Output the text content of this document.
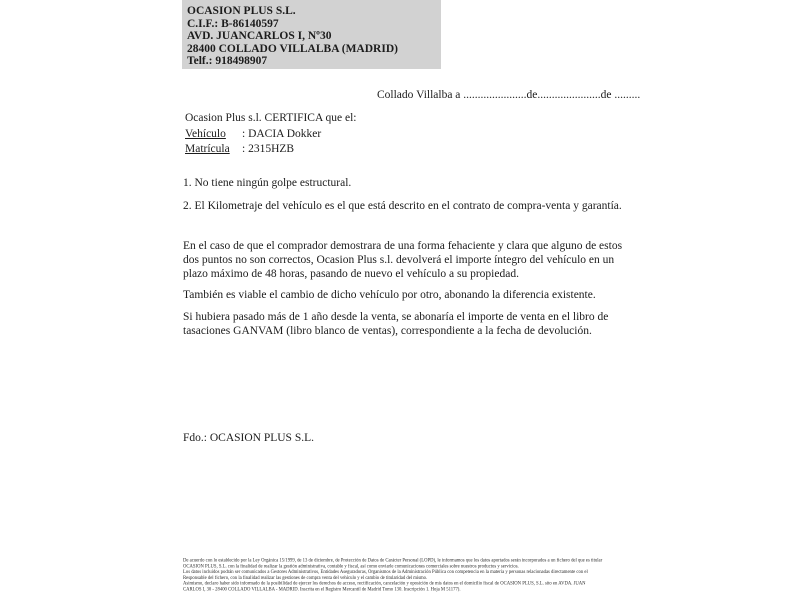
OCASION PLUS S.L.
C.I.F.: B-86140597
AVD. JUANCARLOS I, Nº30
28400 COLLADO VILLALBA (MADRID)
Telf.: 918498907
Collado Villalba a ......................de......................de .........
Ocasion Plus s.l. CERTIFICA que el:
Vehículo : DACIA Dokker
Matrícula : 2315HZB

1. No tiene ningún golpe estructural.

2. El Kilometraje del vehículo es el que está descrito en el contrato de compra-venta y garantía.

En el caso de que el comprador demostrara de una forma fehaciente y clara que alguno de estos dos puntos no son correctos, Ocasion Plus s.l. devolverá el importe íntegro del vehículo en un plazo máximo de 48 horas, pasando de nuevo el vehículo a su propiedad.

También es viable el cambio de dicho vehículo por otro, abonando la diferencia existente.

Si hubiera pasado más de 1 año desde la venta, se abonaría el importe de venta en el libro de tasaciones GANVAM (libro blanco de ventas), correspondiente a la fecha de devolución.

Fdo.: OCASION PLUS S.L.
De acuerdo con lo establecido por la Ley Orgánica 15/1999, de 13 de diciembre, de Protección de Datos de Carácter Personal (LOPD), le informamos que los datos aportados serán incorporados a un fichero del que es titular
OCASIÓN PLUS, S.L. con la finalidad de realizar la gestión administrativa, contable y fiscal, así como enviarle comunicaciones comerciales sobre nuestros productos y servicios.
Los datos incluidos podrán ser comunicados a Gestores Administrativos, Entidades Aseguradoras, Organismos de la Administración Pública con competencia en la materia y personas relacionadas directamente con el
Responsable del fichero, con la finalidad realizar las gestiones de compra venta del vehículo y el cambio de titularidad del mismo.
Asimismo, declaro haber sido informado de la posibilidad de ejercer los derechos de acceso, rectificación, cancelación y oposición de mis datos en el domicilio fiscal de OCASIÓN PLUS, S.L. sito en AVDA. JUAN
CARLOS I, 30 - 28400 COLLADO VILLALBA - MADRID. Inscrita en el Registro Mercantil de Madrid Tomo 130. Inscripción 1. Hoja M 51177).
